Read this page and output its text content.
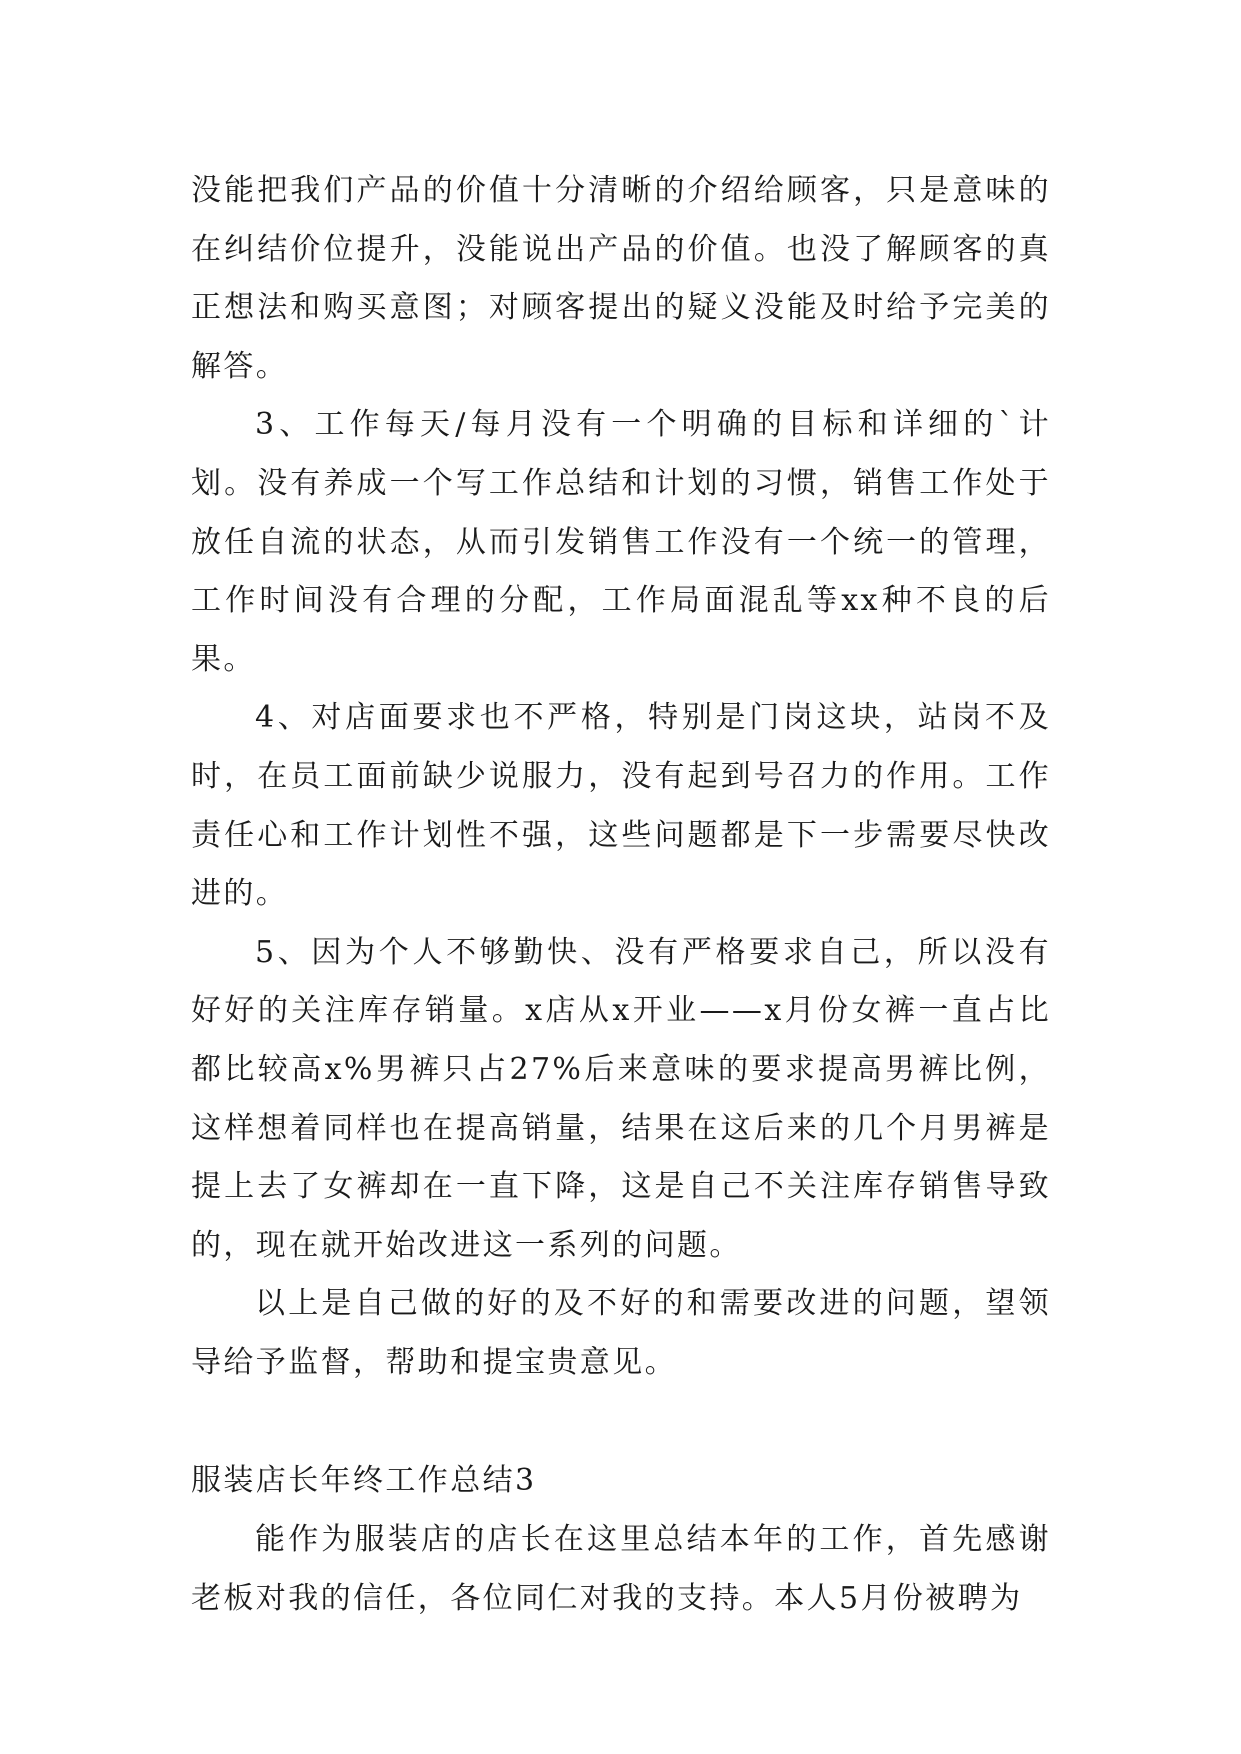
没能把我们产品的价值十分清晰的介绍给顾客，只是意味的在纠结价位提升，没能说出产品的价值。也没了解顾客的真正想法和购买意图；对顾客提出的疑义没能及时给予完美的解答。

3、工作每天/每月没有一个明确的目标和详细的`计划。没有养成一个写工作总结和计划的习惯，销售工作处于放任自流的状态，从而引发销售工作没有一个统一的管理，工作时间没有合理的分配，工作局面混乱等xx种不良的后果。

4、对店面要求也不严格，特别是门岗这块，站岗不及时，在员工面前缺少说服力，没有起到号召力的作用。工作责任心和工作计划性不强，这些问题都是下一步需要尽快改进的。

5、因为个人不够勤快、没有严格要求自己，所以没有好好的关注库存销量。x店从x开业——x月份女裤一直占比都比较高x%男裤只占27%后来意味的要求提高男裤比例，这样想着同样也在提高销量，结果在这后来的几个月男裤是提上去了女裤却在一直下降，这是自己不关注库存销售导致的，现在就开始改进这一系列的问题。

以上是自己做的好的及不好的和需要改进的问题，望领导给予监督，帮助和提宝贵意见。

服装店长年终工作总结3

能作为服装店的店长在这里总结本年的工作，首先感谢老板对我的信任，各位同仁对我的支持。本人5月份被聘为
